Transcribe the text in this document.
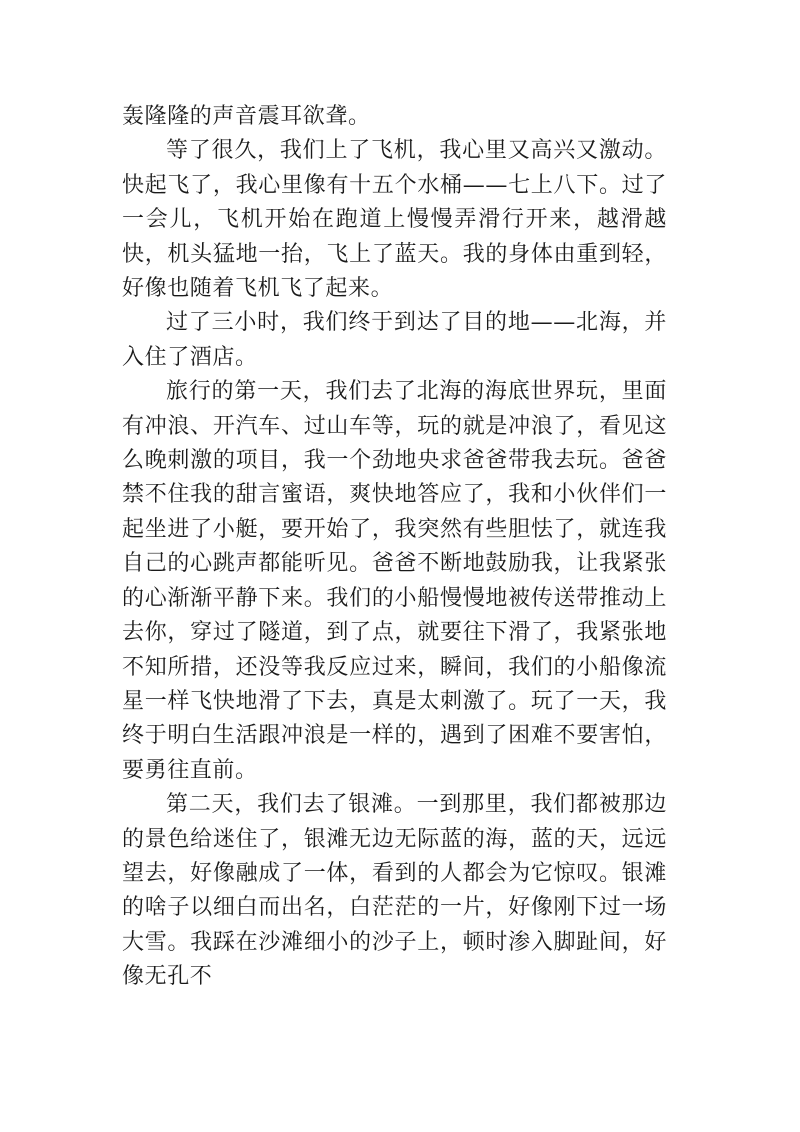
轰隆隆的声音震耳欲聋。

等了很久，我们上了飞机，我心里又高兴又激动。快起飞了，我心里像有十五个水桶——七上八下。过了一会儿，飞机开始在跑道上慢慢弄滑行开来，越滑越快，机头猛地一抬，飞上了蓝天。我的身体由重到轻，好像也随着飞机飞了起来。

过了三小时，我们终于到达了目的地——北海，并入住了酒店。

旅行的第一天，我们去了北海的海底世界玩，里面有冲浪、开汽车、过山车等，玩的就是冲浪了，看见这么晚刺激的项目，我一个劲地央求爸爸带我去玩。爸爸禁不住我的甜言蜜语，爽快地答应了，我和小伙伴们一起坐进了小艇，要开始了，我突然有些胆怯了，就连我自己的心跳声都能听见。爸爸不断地鼓励我，让我紧张的心渐渐平静下来。我们的小船慢慢地被传送带推动上去你，穿过了隧道，到了点，就要往下滑了，我紧张地不知所措，还没等我反应过来，瞬间，我们的小船像流星一样飞快地滑了下去，真是太刺激了。玩了一天，我终于明白生活跟冲浪是一样的，遇到了困难不要害怕，要勇往直前。

第二天，我们去了银滩。一到那里，我们都被那边的景色给迷住了，银滩无边无际蓝的海，蓝的天，远远望去，好像融成了一体，看到的人都会为它惊叹。银滩的啥子以细白而出名，白茫茫的一片，好像刚下过一场大雪。我踩在沙滩细小的沙子上，顿时渗入脚趾间，好像无孔不
